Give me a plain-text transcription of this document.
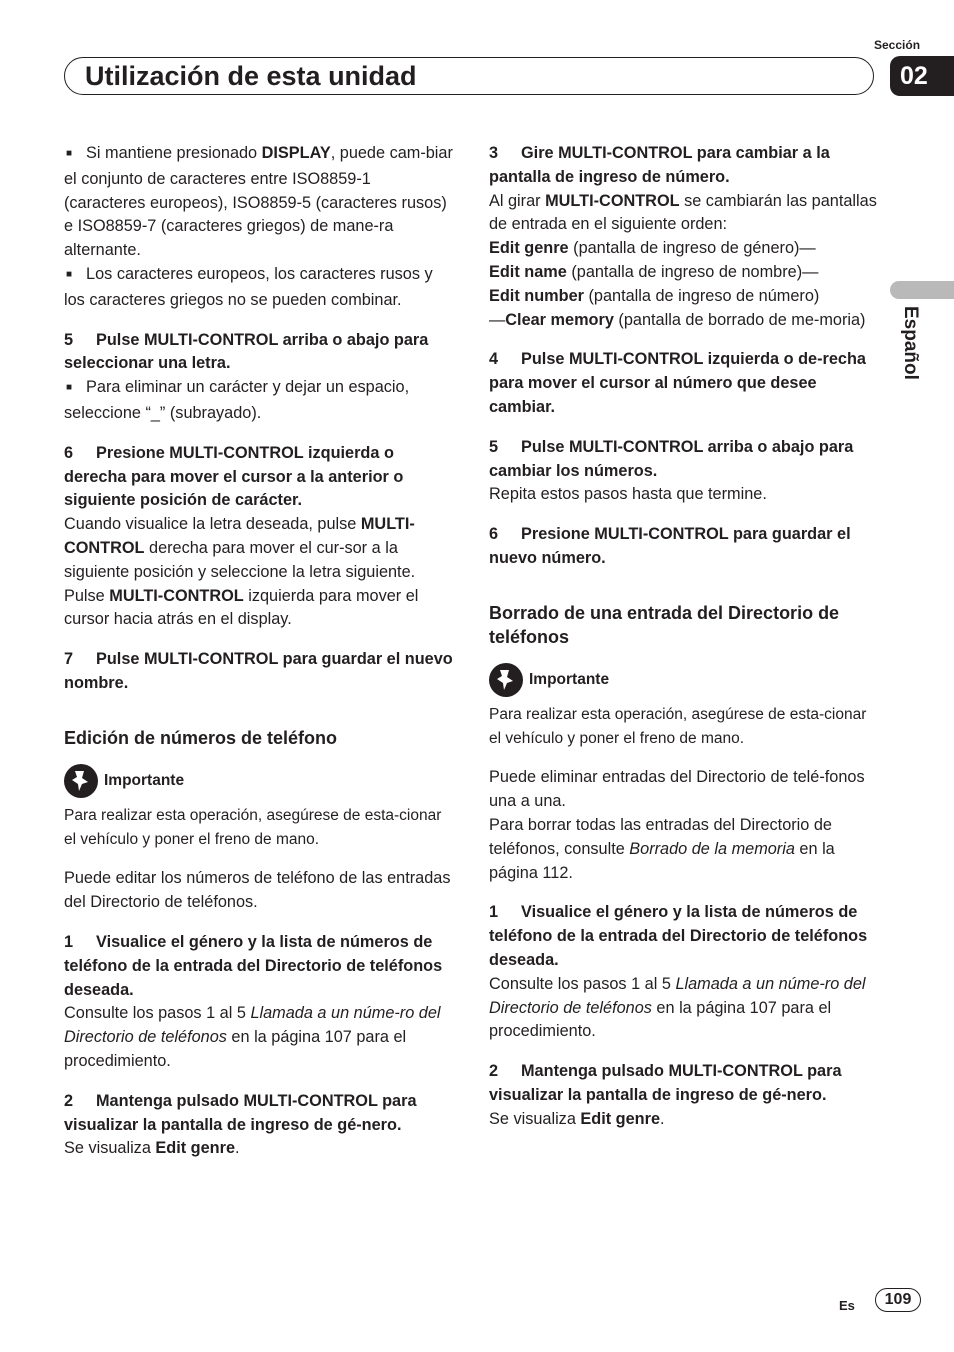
Sección
Utilización de esta unidad	02
Español

■ Si mantiene presionado DISPLAY, puede cam-biar el conjunto de caracteres entre ISO8859-1 (caracteres europeos), ISO8859-5 (caracteres rusos) e ISO8859-7 (caracteres griegos) de mane-ra alternante.

■ Los caracteres europeos, los caracteres rusos y los caracteres griegos no se pueden combinar.

5 Pulse MULTI-CONTROL arriba o abajo para seleccionar una letra.

■ Para eliminar un carácter y dejar un espacio, seleccione “_” (subrayado).

6 Presione MULTI-CONTROL izquierda o derecha para mover el cursor a la anterior o siguiente posición de carácter.

Cuando visualice la letra deseada, pulse MULTI-CONTROL derecha para mover el cur-sor a la siguiente posición y seleccione la letra siguiente. Pulse MULTI-CONTROL izquierda para mover el cursor hacia atrás en el display.

7 Pulse MULTI-CONTROL para guardar el nuevo nombre.

Edición de números de teléfono

Importante

Para realizar esta operación, asegúrese de esta-cionar el vehículo y poner el freno de mano.

Puede editar los números de teléfono de las entradas del Directorio de teléfonos.

1 Visualice el género y la lista de números de teléfono de la entrada del Directorio de teléfonos deseada.

Consulte los pasos 1 al 5 Llamada a un núme-ro del Directorio de teléfonos en la página 107 para el procedimiento.

2 Mantenga pulsado MULTI-CONTROL para visualizar la pantalla de ingreso de gé-nero.

Se visualiza Edit genre.

3 Gire MULTI-CONTROL para cambiar a la pantalla de ingreso de número.

Al girar MULTI-CONTROL se cambiarán las pantallas de entrada en el siguiente orden:
Edit genre (pantalla de ingreso de género)—
Edit name (pantalla de ingreso de nombre)—
Edit number (pantalla de ingreso de número)
—Clear memory (pantalla de borrado de me-moria)

4 Pulse MULTI-CONTROL izquierda o de-recha para mover el cursor al número que desee cambiar.

5 Pulse MULTI-CONTROL arriba o abajo para cambiar los números.

Repita estos pasos hasta que termine.

6 Presione MULTI-CONTROL para guardar el nuevo número.

Borrado de una entrada del Directorio de teléfonos

Importante

Para realizar esta operación, asegúrese de esta-cionar el vehículo y poner el freno de mano.

Puede eliminar entradas del Directorio de telé-fonos una a una.

Para borrar todas las entradas del Directorio de teléfonos, consulte Borrado de la memoria en la página 112.

1 Visualice el género y la lista de números de teléfono de la entrada del Directorio de teléfonos deseada.

Consulte los pasos 1 al 5 Llamada a un núme-ro del Directorio de teléfonos en la página 107 para el procedimiento.

2 Mantenga pulsado MULTI-CONTROL para visualizar la pantalla de ingreso de gé-nero.

Se visualiza Edit genre.

Es	109
